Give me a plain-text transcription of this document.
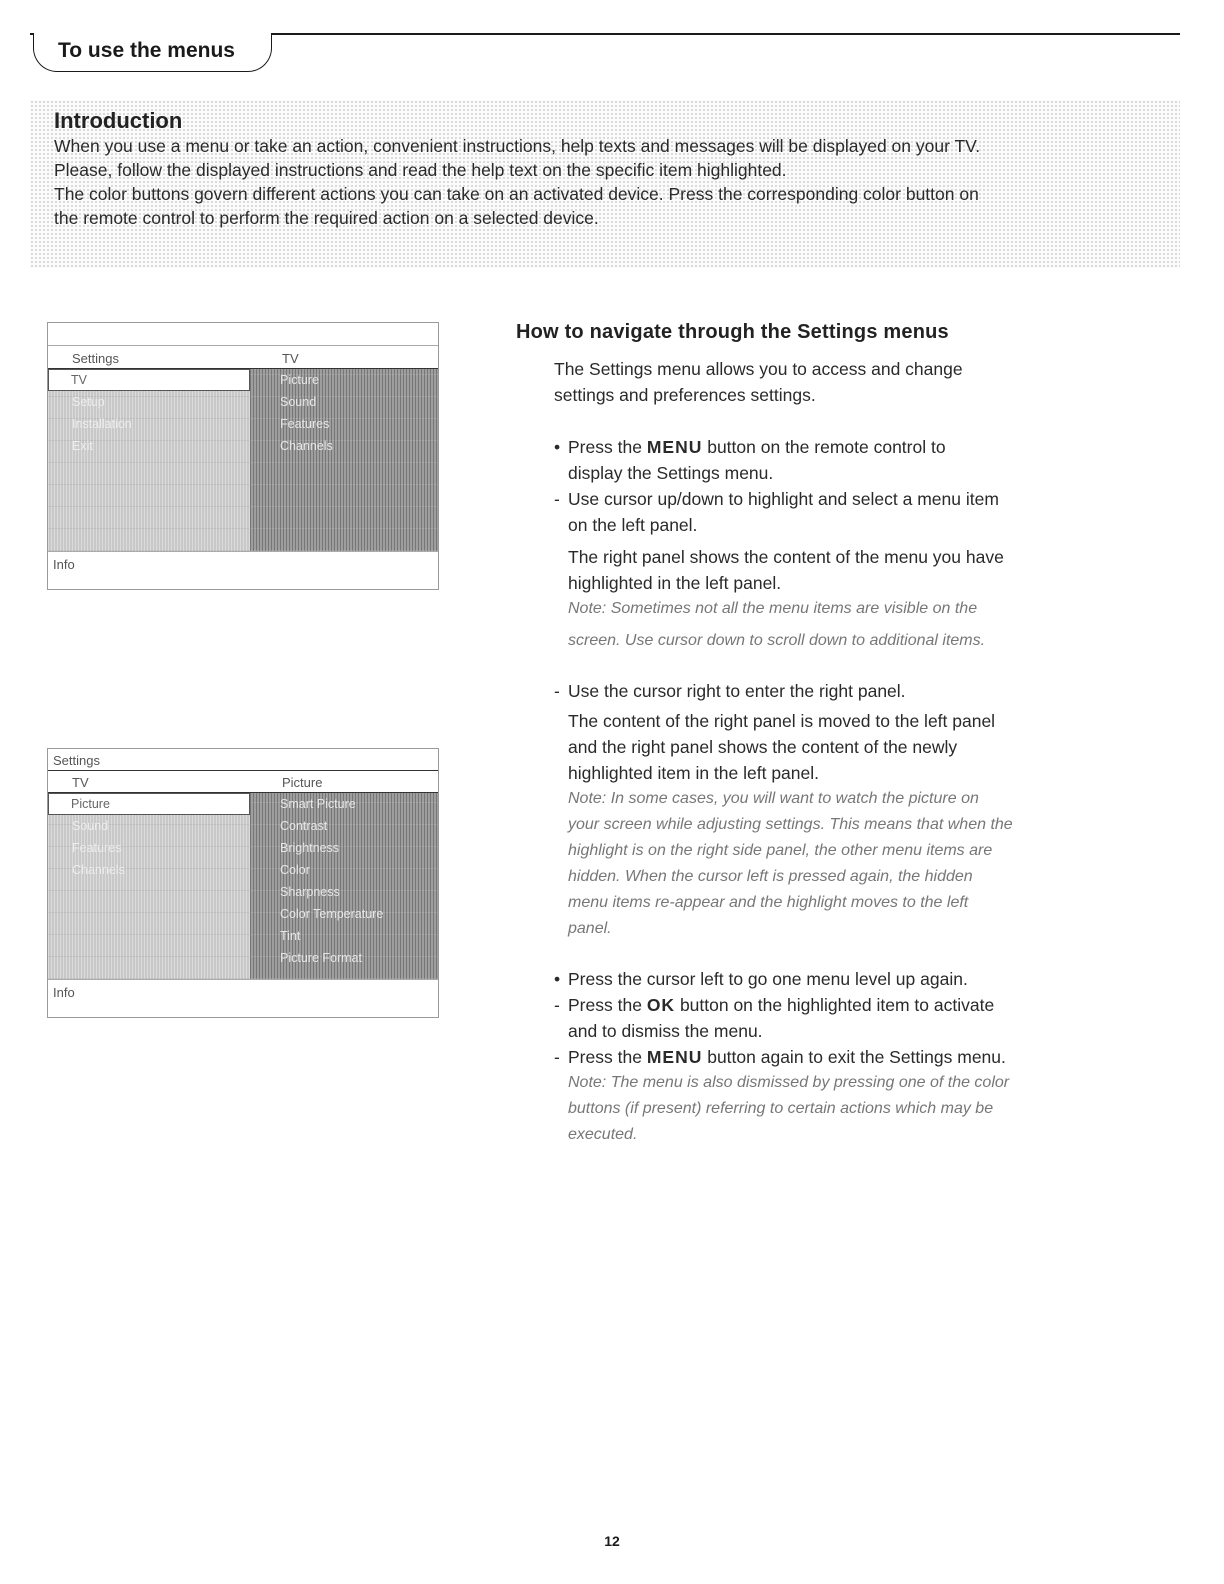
To use the menus
Introduction

When you use a menu or take an action, convenient instructions, help texts and messages will be displayed on your TV.

Please, follow the displayed instructions and read the help text on the specific item highlighted.

The color buttons govern different actions you can take on an activated device. Press the corresponding color button on

the remote control to perform the required action on a selected device.

Settings	TV
TV
Setup
Installation
Exit
Picture
Sound
Features
Channels
Info
Settings
TV	Picture
Picture
Sound
Features
Channels
Smart Picture
Contrast
Brightness
Color
Sharpness
Color Temperature
Tint
Picture Format
Info
How to navigate through the Settings menus

The Settings menu allows you to access and change

settings and preferences settings.

• Press the MENU button on the remote control to

display the Settings menu.

- Use cursor up/down to highlight and select a menu item

on the left panel.

The right panel shows the content of the menu you have

highlighted in the left panel.

Note: Sometimes not all the menu items are visible on the

screen. Use cursor down to scroll down to additional items.

- Use the cursor right to enter the right panel.

The content of the right panel is moved to the left panel

and the right panel shows the content of the newly

highlighted item in the left panel.

Note: In some cases, you will want to watch the picture on

your screen while adjusting settings. This means that when the

highlight is on the right side panel, the other menu items are

hidden. When the cursor left is pressed again, the hidden

menu items re-appear and the highlight moves to the left

panel.

• Press the cursor left to go one menu level up again.

- Press the OK button on the highlighted item to activate

and to dismiss the menu.

- Press the MENU button again to exit the Settings menu.

Note: The menu is also dismissed by pressing one of the color

buttons (if present) referring to certain actions which may be

executed.

12
